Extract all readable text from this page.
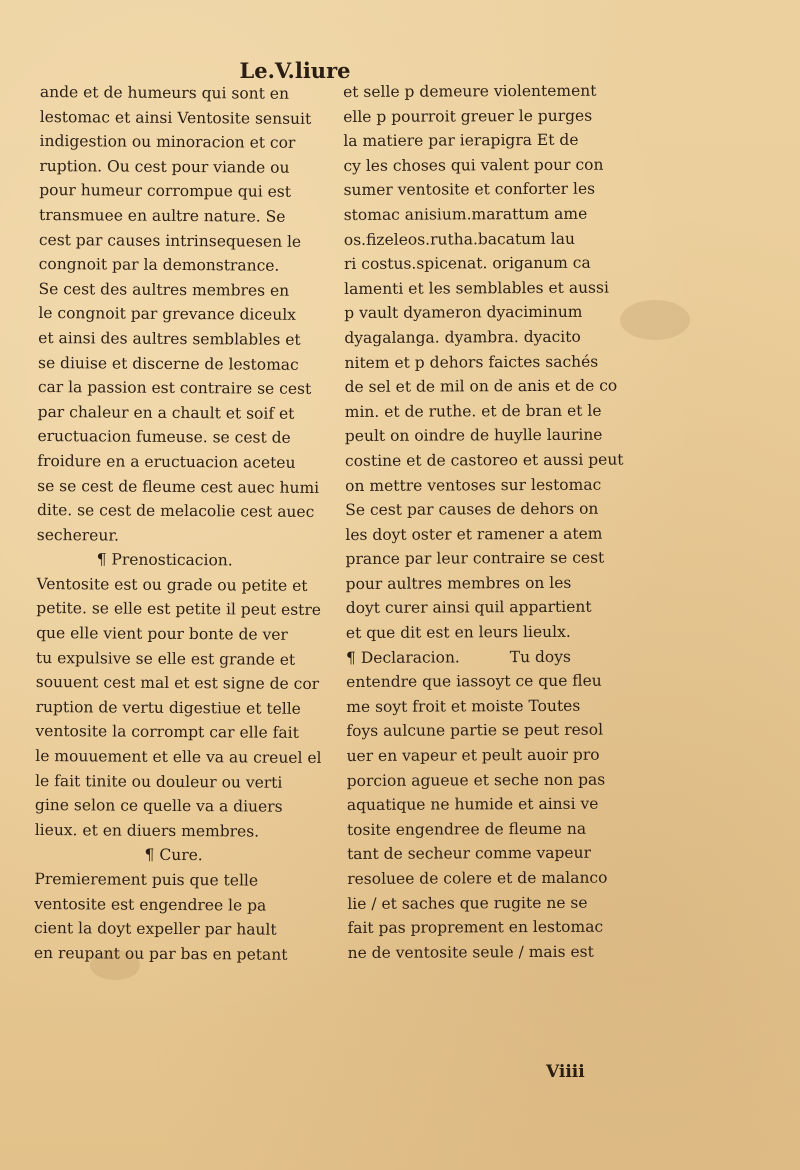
Le.V.liure
ande et de humeurs qui sont en
lestomac et ainsi Ventosite sensuit
indigestion ou minoracion et cor
ruption. Ou cest pour viande ou
pour humeur corrompue qui est
transmuee en aultre nature. Se
cest par causes intrinsequesen le
congnoit par la demonstrance.
Se cest des aultres membres en
le congnoit par grevance diceulx
et ainsi des aultres semblables et
se diuise et discerne de lestomac
car la passion est contraire se cest
par chaleur en a chault et soif et
eructuacion fumeuse. se cest de
froidure en a eructuacion aceteu
se se cest de fleume cest auec humi
dite. se cest de melacolie cest auec
sechereur.
¶ Prenosticacion.
Ventosite est ou grade ou petite et
petite. se elle est petite il peut estre
que elle vient pour bonte de ver
tu expulsive se elle est grande et
souuent cest mal et est signe de cor
ruption de vertu digestiue et telle
ventosite la corrompt car elle fait
le mouuement et elle va au creuel el
le fait tinite ou douleur ou verti
gine selon ce quelle va a diuers
lieux. et en diuers membres.
¶ Cure.
Premierement puis que telle
ventosite est engendree le pa
cient la doyt expeller par hault
en reupant ou par bas en petant
et selle p demeure violentement
elle p pourroit greuer le purges
la matiere par ierapigra Et de
cy les choses qui valent pour con
sumer ventosite et conforter les
stomac anisium.marattum ame
os.fizeleos.rutha.bacatum lau
ri costus.spicenat. origanum ca
lamenti et les semblables et aussi
p vault dyameron dyaciminum
dyagalanga. dyambra. dyacito
nitem et p dehors faictes sachés
de sel et de mil on de anis et de co
min. et de ruthe. et de bran et le
peult on oindre de huylle laurine
costine et de castoreo et aussi peut
on mettre ventoses sur lestomac
Se cest par causes de dehors on
les doyt oster et ramener a atem
prance par leur contraire se cest
pour aultres membres on les
doyt curer ainsi quil appartient
et que dit est en leurs lieulx.
¶ Declaracion.	Tu doys
entendre que iassoyt ce que fleu
me soyt froit et moiste Toutes
foys aulcune partie se peut resol
uer en vapeur et peult auoir pro
porcion agueue et seche non pas
aquatique ne humide et ainsi ve
tosite engendree de fleume na
tant de secheur comme vapeur
resoluee de colere et de malanco
lie / et saches que rugite ne se
fait pas proprement en lestomac
ne de ventosite seule / mais est
Viiii
